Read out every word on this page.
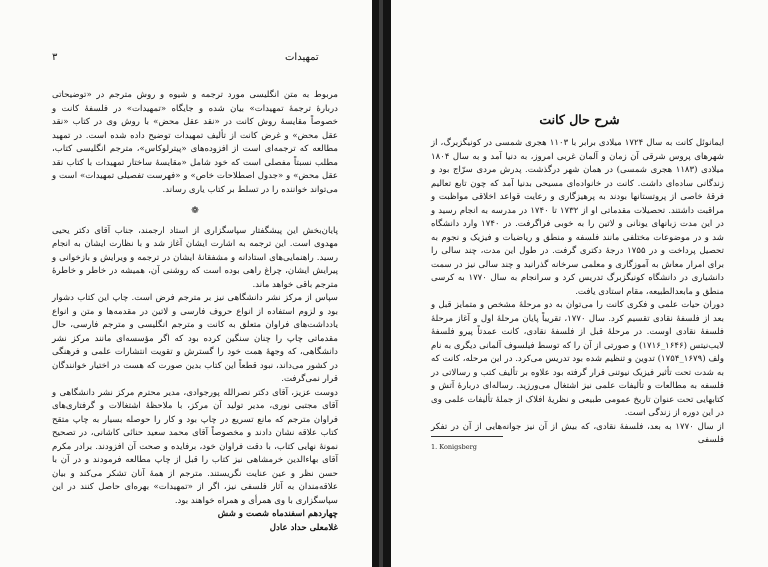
۳	تمهیدات

مربوط به متن انگلیسی مورد ترجمه و شیوه و روش مترجم در «توضیحاتی دربارهٔ ترجمهٔ تمهیدات» بیان شده و جایگاه «تمهیدات» در فلسفهٔ کانت و خصوصاً مقایسهٔ روش کانت در «نقد عقل محض» با روش وی در کتاب «نقد عقل محض» و غرض کانت از تألیف تمهیدات توضیح داده شده است. در تمهید مطالعه که ترجمه‌ای است از افزوده‌های «پیترلوکاس»، مترجم انگلیسی کتاب، مطلب نسبتاً مفصلی است که خود شامل «مقایسهٔ ساختار تمهیدات با کتاب نقد عقل محض» و «جدول اصطلاحات خاص» و «فهرست تفصیلی تمهیدات» است و می‌تواند خواننده را در تسلط بر کتاب یاری رساند.

❁

پایان‌بخش این پیشگفتار سپاسگزاری از استاد ارجمند، جناب آقای دکتر یحیی مهدوی است. این ترجمه به اشارت ایشان آغاز شد و با نظارت ایشان به انجام رسید. راهنمایی‌های استادانه و مشفقانهٔ ایشان در ترجمه و ویرایش و بازخوانی و پیرایش ایشان، چراغ راهی بوده است که روشنی آن، همیشه در خاطر و خاطرهٔ مترجم باقی خواهد ماند.

سپاس از مرکز نشر دانشگاهی نیز بر مترجم فرض است. چاپ این کتاب دشوار بود و لزوم استفاده از انواع حروف فارسی و لاتین در مقدمه‌ها و متن و انواع یادداشت‌های فراوان متعلق به کانت و مترجم انگلیسی و مترجم فارسی، حال مقدماتی چاپ را چنان سنگین کرده بود که اگر مؤسسه‌ای مانند مرکز نشر دانشگاهی، که وجههٔ همت خود را گسترش و تقویت انتشارات علمی و فرهنگی در کشور می‌داند، نبود قطعاً این کتاب بدین صورت که هست در اختیار خوانندگان قرار نمی‌گرفت.

دوست عزیز، آقای دکتر نصرالله پورجوادی، مدیر محترم مرکز نشر دانشگاهی و آقای مجتبی نوری، مدیر تولید آن مرکز، با ملاحظهٔ اشتغالات و گرفتاری‌های فراوان مترجم که مانع تسریع در چاپ بود و کار را حوصله بسیار به چاپ متقح کتاب علاقه نشان دادند و مخصوصاً آقای محمد سعید حنائی کاشانی، در تصحیح نمونهٔ نهایی کتاب، با دقت فراوان خود، برفایده و صحت آن افزودند. برادر مکرم آقای بهاءالدین خرمشاهی نیز کتاب را قبل از چاپ مطالعه فرمودند و در آن با حسن نظر و عین عنایت نگریستند. مترجم از همهٔ آنان تشکر می‌کند و بیان علاقه‌مندان به آثار فلسفی نیز، اگر از «تمهیدات» بهره‌ای حاصل کنند در این سپاسگزاری با وی همرأی و همراه خواهند بود.

چهاردهم اسفندماه شصت و شش

غلامعلی حداد عادل

شرح حال کانت

ایمانوئل کانت به سال ۱۷۲۴ میلادی برابر با ۱۱۰۳ هجری شمسی در کونیگزبرگ، از شهرهای پروس شرقی آن زمان و آلمان غربی امروز، به دنیا آمد و به سال ۱۸۰۴ میلادی (۱۱۸۳ هجری شمسی) در همان شهر درگذشت. پدرش مردی سرّاج بود و زندگانی ساده‌ای داشت. کانت در خانواده‌ای مسیحی بدنیا آمد که چون تابع تعالیم فرقهٔ خاصی از پروتستانها بودند به پرهیزگاری و رعایت قواعد اخلاقی مواظبت و مراقبت داشتند. تحصیلات مقدماتی او از ۱۷۳۲ تا ۱۷۴۰ در مدرسه به انجام رسید و در این مدت زبانهای یونانی و لاتین را به خوبی فراگرفت. در ۱۷۴۰ وارد دانشگاه شد و در موضوعات مختلفی مانند فلسفه و منطق و ریاضیات و فیزیک و نجوم به تحصیل پرداخت و در ۱۷۵۵ درجهٔ دکتری گرفت. در طول این مدت، چند سالی را برای امرار معاش به آموزگاری و معلمی سرخانه گذرانید و چند سالی نیز در سمت دانشیاری در دانشگاه کونیگزبرگ تدریس کرد و سرانجام به سال ۱۷۷۰ به کرسی منطق و مابعدالطبیعه، مقام استادی یافت.

دوران حیات علمی و فکری کانت را می‌توان به دو مرحلهٔ مشخص و متمایز قبل و بعد از فلسفهٔ نقادی تقسیم کرد. سال ۱۷۷۰، تقریباً پایان مرحلهٔ اول و آغاز مرحلهٔ فلسفهٔ نقادی اوست. در مرحلهٔ قبل از فلسفهٔ نقادی، کانت عمدتاً پیرو فلسفهٔ لایب‌نیتس (۱۶۴۶_۱۷۱۶) و صورتی از آن را که توسط فیلسوف آلمانی دیگری به نام ولف (۱۶۷۹_۱۷۵۴) تدوین و تنظیم شده بود تدریس می‌کرد. در این مرحله، کانت که به شدت تحت تأثیر فیزیک نیوتنی قرار گرفته بود علاوه بر تألیف کتب و رسالاتی در فلسفه به مطالعات و تألیفات علمی نیز اشتغال می‌ورزید. رساله‌ای دربارهٔ آتش و کتابهایی تحت عنوان تاریخ عمومی طبیعی و نظریهٔ افلاک از جملهٔ تألیفات علمی وی در این دوره از زندگی است.

از سال ۱۷۷۰ به بعد، فلسفهٔ نقادی، که بیش از آن نیز جوانه‌هایی از آن در تفکر فلسفی

1. Konigsberg
